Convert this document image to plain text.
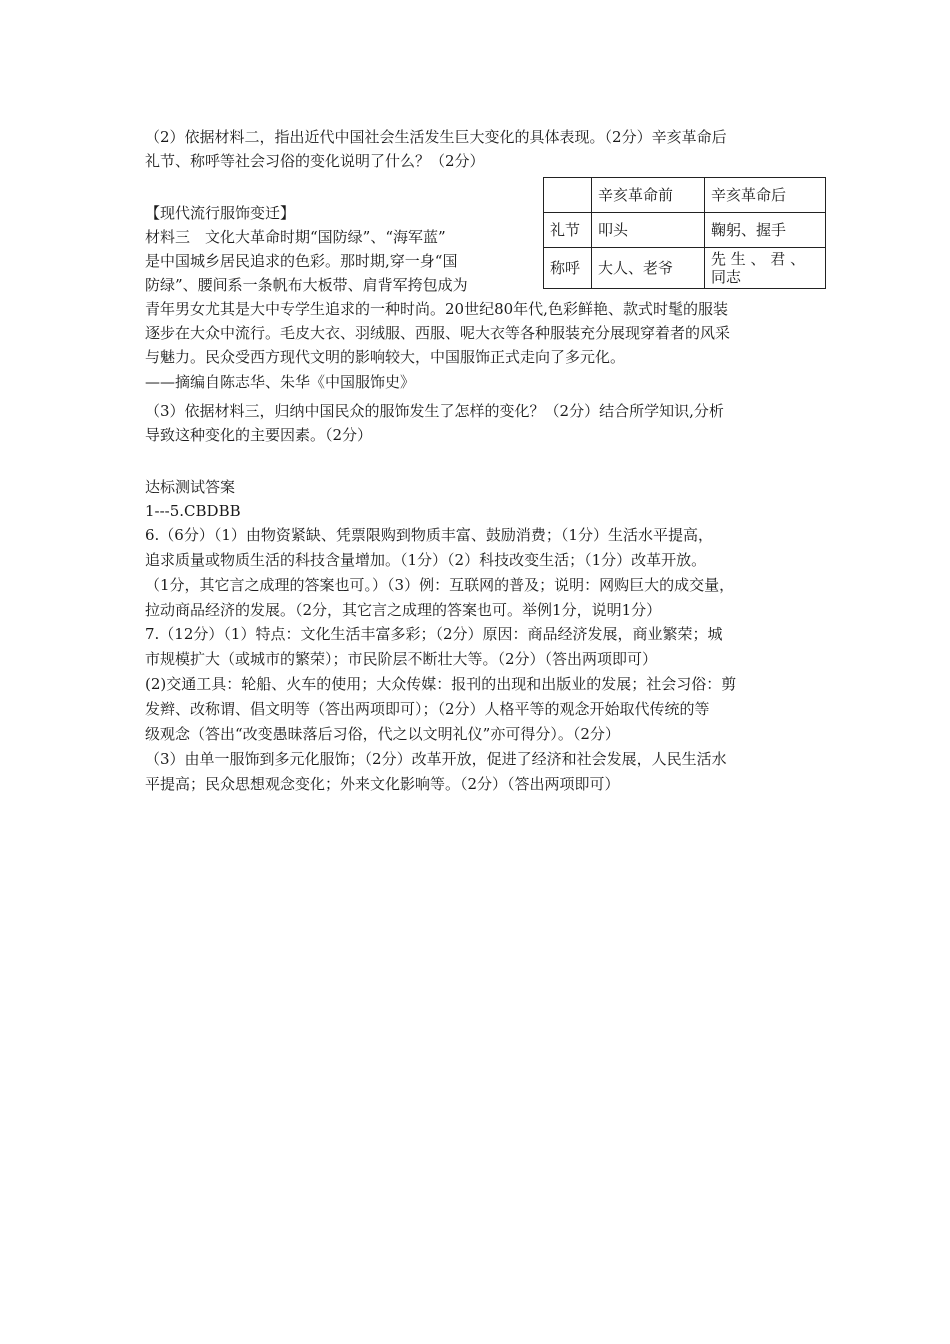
（2）依据材料二，指出近代中国社会生活发生巨大变化的具体表现。（2分）辛亥革命后
礼节、称呼等社会习俗的变化说明了什么？（2分）
	辛亥革命前	辛亥革命后
礼节	叩头	鞠躬、握手
称呼	大人、老爷	先 生 、 君 、
同志
【现代流行服饰变迁】
材料三　文化大革命时期“国防绿”、“海军蓝”
是中国城乡居民追求的色彩。那时期,穿一身“国
防绿”、腰间系一条帆布大板带、肩背军挎包成为
青年男女尤其是大中专学生追求的一种时尚。20世纪80年代,色彩鲜艳、款式时髦的服装
逐步在大众中流行。毛皮大衣、羽绒服、西服、呢大衣等各种服装充分展现穿着者的风采
与魅力。民众受西方现代文明的影响较大，中国服饰正式走向了多元化。
——摘编自陈志华、朱华《中国服饰史》
（3）依据材料三，归纳中国民众的服饰发生了怎样的变化？（2分）结合所学知识,分析
导致这种变化的主要因素。（2分）
达标测试答案
1---5.CBDBB
6.（6分）（1）由物资紧缺、凭票限购到物质丰富、鼓励消费；（1分）生活水平提高，
追求质量或物质生活的科技含量增加。（1分）（2）科技改变生活；（1分）改革开放。
（1分，其它言之成理的答案也可。）（3）例：互联网的普及；说明：网购巨大的成交量，
拉动商品经济的发展。（2分，其它言之成理的答案也可。举例1分，说明1分）
7.（12分）（1）特点：文化生活丰富多彩；（2分）原因：商品经济发展，商业繁荣；城
市规模扩大（或城市的繁荣）；市民阶层不断壮大等。（2分）（答出两项即可）
(2)交通工具：轮船、火车的使用；大众传媒：报刊的出现和出版业的发展；社会习俗：剪
发辫、改称谓、倡文明等（答出两项即可）；（2分）人格平等的观念开始取代传统的等
级观念（答出“改变愚昧落后习俗，代之以文明礼仪”亦可得分）。（2分）
（3）由单一服饰到多元化服饰；（2分）改革开放，促进了经济和社会发展，人民生活水
平提高；民众思想观念变化；外来文化影响等。（2分）（答出两项即可）
